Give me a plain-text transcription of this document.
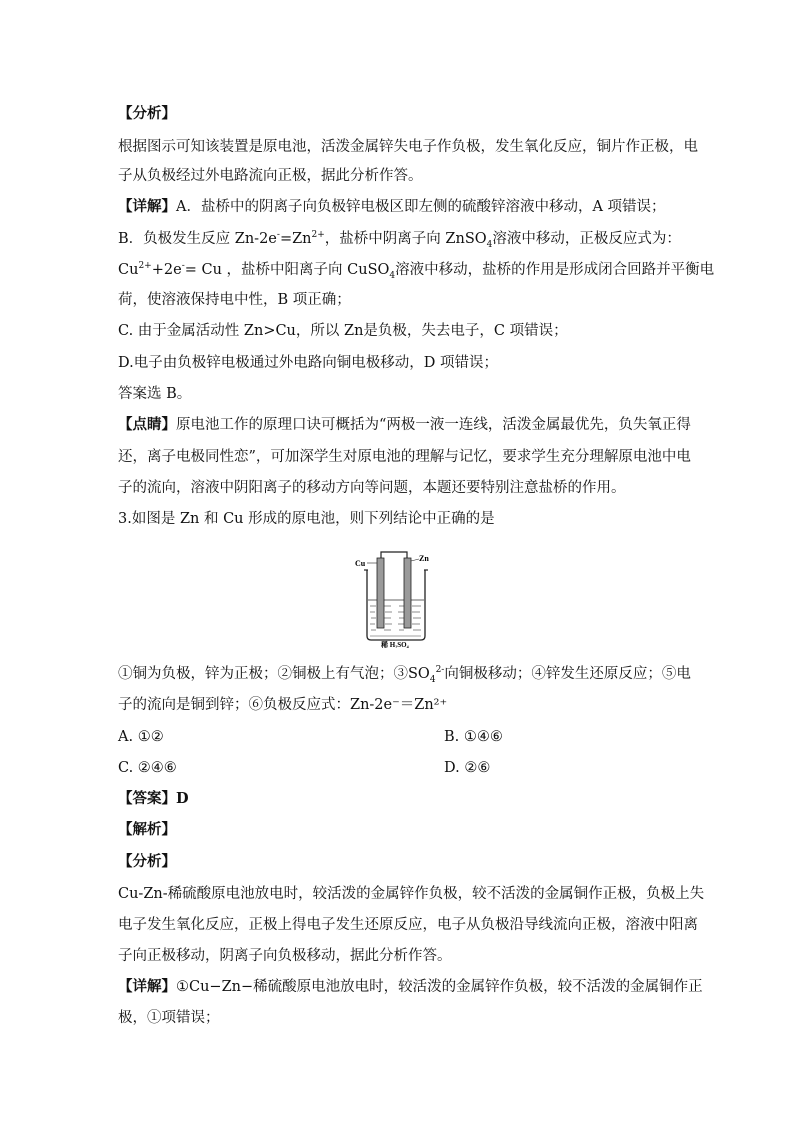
【分析】
根据图示可知该装置是原电池，活泼金属锌失电子作负极，发生氧化反应，铜片作正极，电
子从负极经过外电路流向正极，据此分析作答。
【详解】A．盐桥中的阴离子向负极锌电极区即左侧的硫酸锌溶液中移动，A 项错误；
B．负极发生反应 $Zn-2e^-=Zn^{2+}$，盐桥中阴离子向 ZnSO$_4$溶液中移动，正极反应式为：
$Cu^{2+}+2e^-= Cu$ ，盐桥中阳离子向 CuSO$_4$溶液中移动，盐桥的作用是形成闭合回路并平衡电
荷，使溶液保持电中性，B 项正确；
C. 由于金属活动性 Zn>Cu，所以 Zn是负极，失去电子，C 项错误；
D.电子由负极锌电极通过外电路向铜电极移动，D 项错误；
答案选 B。
【点睛】原电池工作的原理口诀可概括为“两极一液一连线，活泼金属最优先，负失氧正得
还，离子电极同性恋”，可加深学生对原电池的理解与记忆，要求学生充分理解原电池中电
子的流向，溶液中阴阳离子的移动方向等问题，本题还要特别注意盐桥的作用。
3.如图是 Zn 和 Cu 形成的原电池，则下列结论中正确的是
Cu
Zn
稀 H₂SO₄
①铜为负极，锌为正极；②铜极上有气泡；$③SO_4^{2-}$向铜极移动；④锌发生还原反应；⑤电
子的流向是铜到锌；⑥负极反应式：Zn-2e⁻＝Zn²⁺
A. ①②	B. ①④⑥
C. ②④⑥	D. ②⑥
【答案】D
【解析】
【分析】
Cu-Zn-稀硫酸原电池放电时，较活泼的金属锌作负极，较不活泼的金属铜作正极，负极上失
电子发生氧化反应，正极上得电子发生还原反应，电子从负极沿导线流向正极，溶液中阳离
子向正极移动，阴离子向负极移动，据此分析作答。
【详解】①Cu−Zn−稀硫酸原电池放电时，较活泼的金属锌作负极，较不活泼的金属铜作正
极，①项错误；
